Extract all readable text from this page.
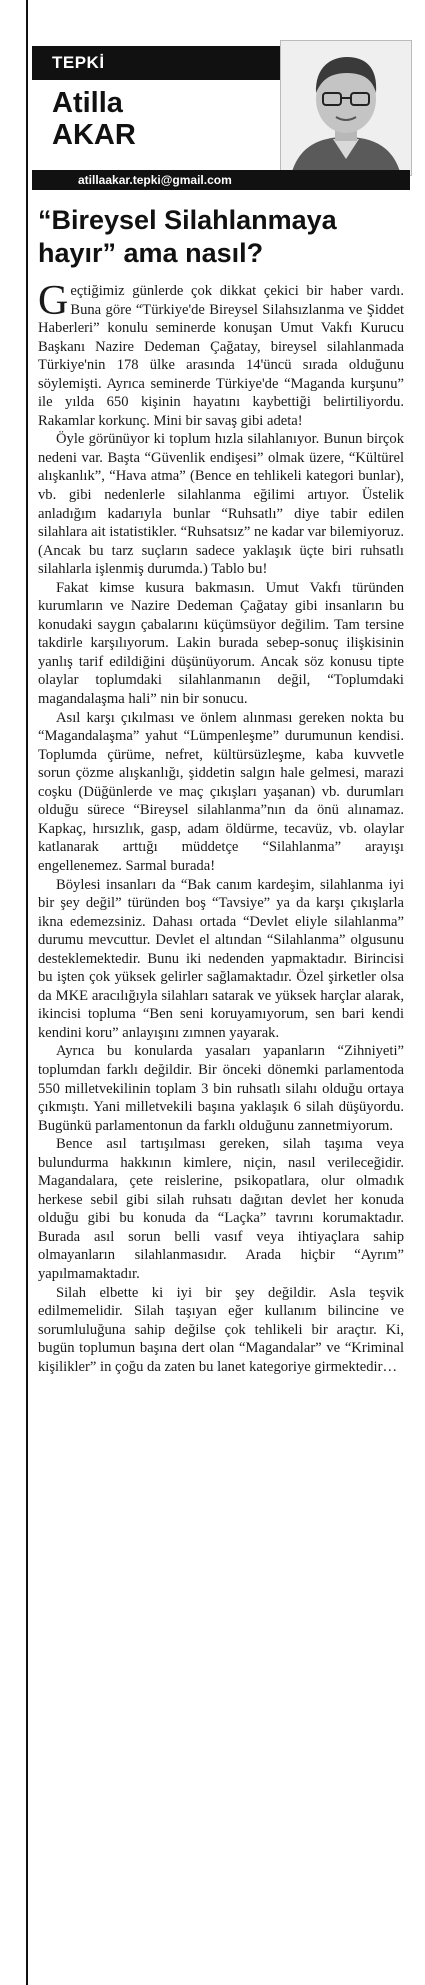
TEPKİ
Atilla
AKAR
atillaakar.tepki@gmail.com
“Bireysel Silahlanmaya hayır” ama nasıl?

Geçtiğimiz günlerde çok dikkat çekici bir haber vardı. Buna göre “Türkiye'de Bireysel Silahsızlanma ve Şiddet Haberleri” konulu seminerde konuşan Umut Vakfı Kurucu Başkanı Nazire Dedeman Çağatay, bireysel silahlanmada Türkiye'nin 178 ülke arasında 14'üncü sırada olduğunu söylemişti. Ayrıca seminerde Türkiye'de “Maganda kurşunu” ile yılda 650 kişinin hayatını kaybettiği belirtiliyordu. Rakamlar korkunç. Mini bir savaş gibi adeta!

Öyle görünüyor ki toplum hızla silahlanıyor. Bunun birçok nedeni var. Başta “Güvenlik endişesi” olmak üzere, “Kültürel alışkanlık”, “Hava atma” (Bence en tehlikeli kategori bunlar), vb. gibi nedenlerle silahlanma eğilimi artıyor. Üstelik anladığım kadarıyla bunlar “Ruhsatlı” diye tabir edilen silahlara ait istatistikler. “Ruhsatsız” ne kadar var bilemiyoruz. (Ancak bu tarz suçların sadece yaklaşık üçte biri ruhsatlı silahlarla işlenmiş durumda.) Tablo bu!

Fakat kimse kusura bakmasın. Umut Vakfı türünden kurumların ve Nazire Dedeman Çağatay gibi insanların bu konudaki saygın çabalarını küçümsüyor değilim. Tam tersine takdirle karşılıyorum. Lakin burada sebep-sonuç ilişkisinin yanlış tarif edildiğini düşünüyorum. Ancak söz konusu tipte olaylar toplumdaki silahlanmanın değil, “Toplumdaki magandalaşma hali” nin bir sonucu.

Asıl karşı çıkılması ve önlem alınması gereken nokta bu “Magandalaşma” yahut “Lümpenleşme” durumunun kendisi. Toplumda çürüme, nefret, kültürsüzleşme, kaba kuvvetle sorun çözme alışkanlığı, şiddetin salgın hale gelmesi, marazi coşku (Düğünlerde ve maç çıkışları yaşanan) vb. durumları olduğu sürece “Bireysel silahlanma”nın da önü alınamaz. Kapkaç, hırsızlık, gasp, adam öldürme, tecavüz, vb. olaylar katlanarak arttığı müddetçe “Silahlanma” arayışı engellenemez. Sarmal burada!

Böylesi insanları da “Bak canım kardeşim, silahlanma iyi bir şey değil” türünden boş “Tavsiye” ya da karşı çıkışlarla ikna edemezsiniz. Dahası ortada “Devlet eliyle silahlanma” durumu mevcuttur. Devlet el altından “Silahlanma” olgusunu desteklemektedir. Bunu iki nedenden yapmaktadır. Birincisi bu işten çok yüksek gelirler sağlamaktadır. Özel şirketler olsa da MKE aracılığıyla silahları satarak ve yüksek harçlar alarak, ikincisi topluma “Ben seni koruyamıyorum, sen bari kendi kendini koru” anlayışını zımnen yayarak.

Ayrıca bu konularda yasaları yapanların “Zihniyeti” toplumdan farklı değildir. Bir önceki dönemki parlamentoda 550 milletvekilinin toplam 3 bin ruhsatlı silahı olduğu ortaya çıkmıştı. Yani milletvekili başına yaklaşık 6 silah düşüyordu. Bugünkü parlamentonun da farklı olduğunu zannetmiyorum.

Bence asıl tartışılması gereken, silah taşıma veya bulundurma hakkının kimlere, niçin, nasıl verileceğidir. Magandalara, çete reislerine, psikopatlara, olur olmadık herkese sebil gibi silah ruhsatı dağıtan devlet her konuda olduğu gibi bu konuda da “Laçka” tavrını korumaktadır. Burada asıl sorun belli vasıf veya ihtiyaçlara sahip olmayanların silahlanmasıdır. Arada hiçbir “Ayrım” yapılmamaktadır.

Silah elbette ki iyi bir şey değildir. Asla teşvik edilmemelidir. Silah taşıyan eğer kullanım bilincine ve sorumluluğuna sahip değilse çok tehlikeli bir araçtır. Ki, bugün toplumun başına dert olan “Magandalar” ve “Kriminal kişilikler” in çoğu da zaten bu lanet kategoriye girmektedir…
